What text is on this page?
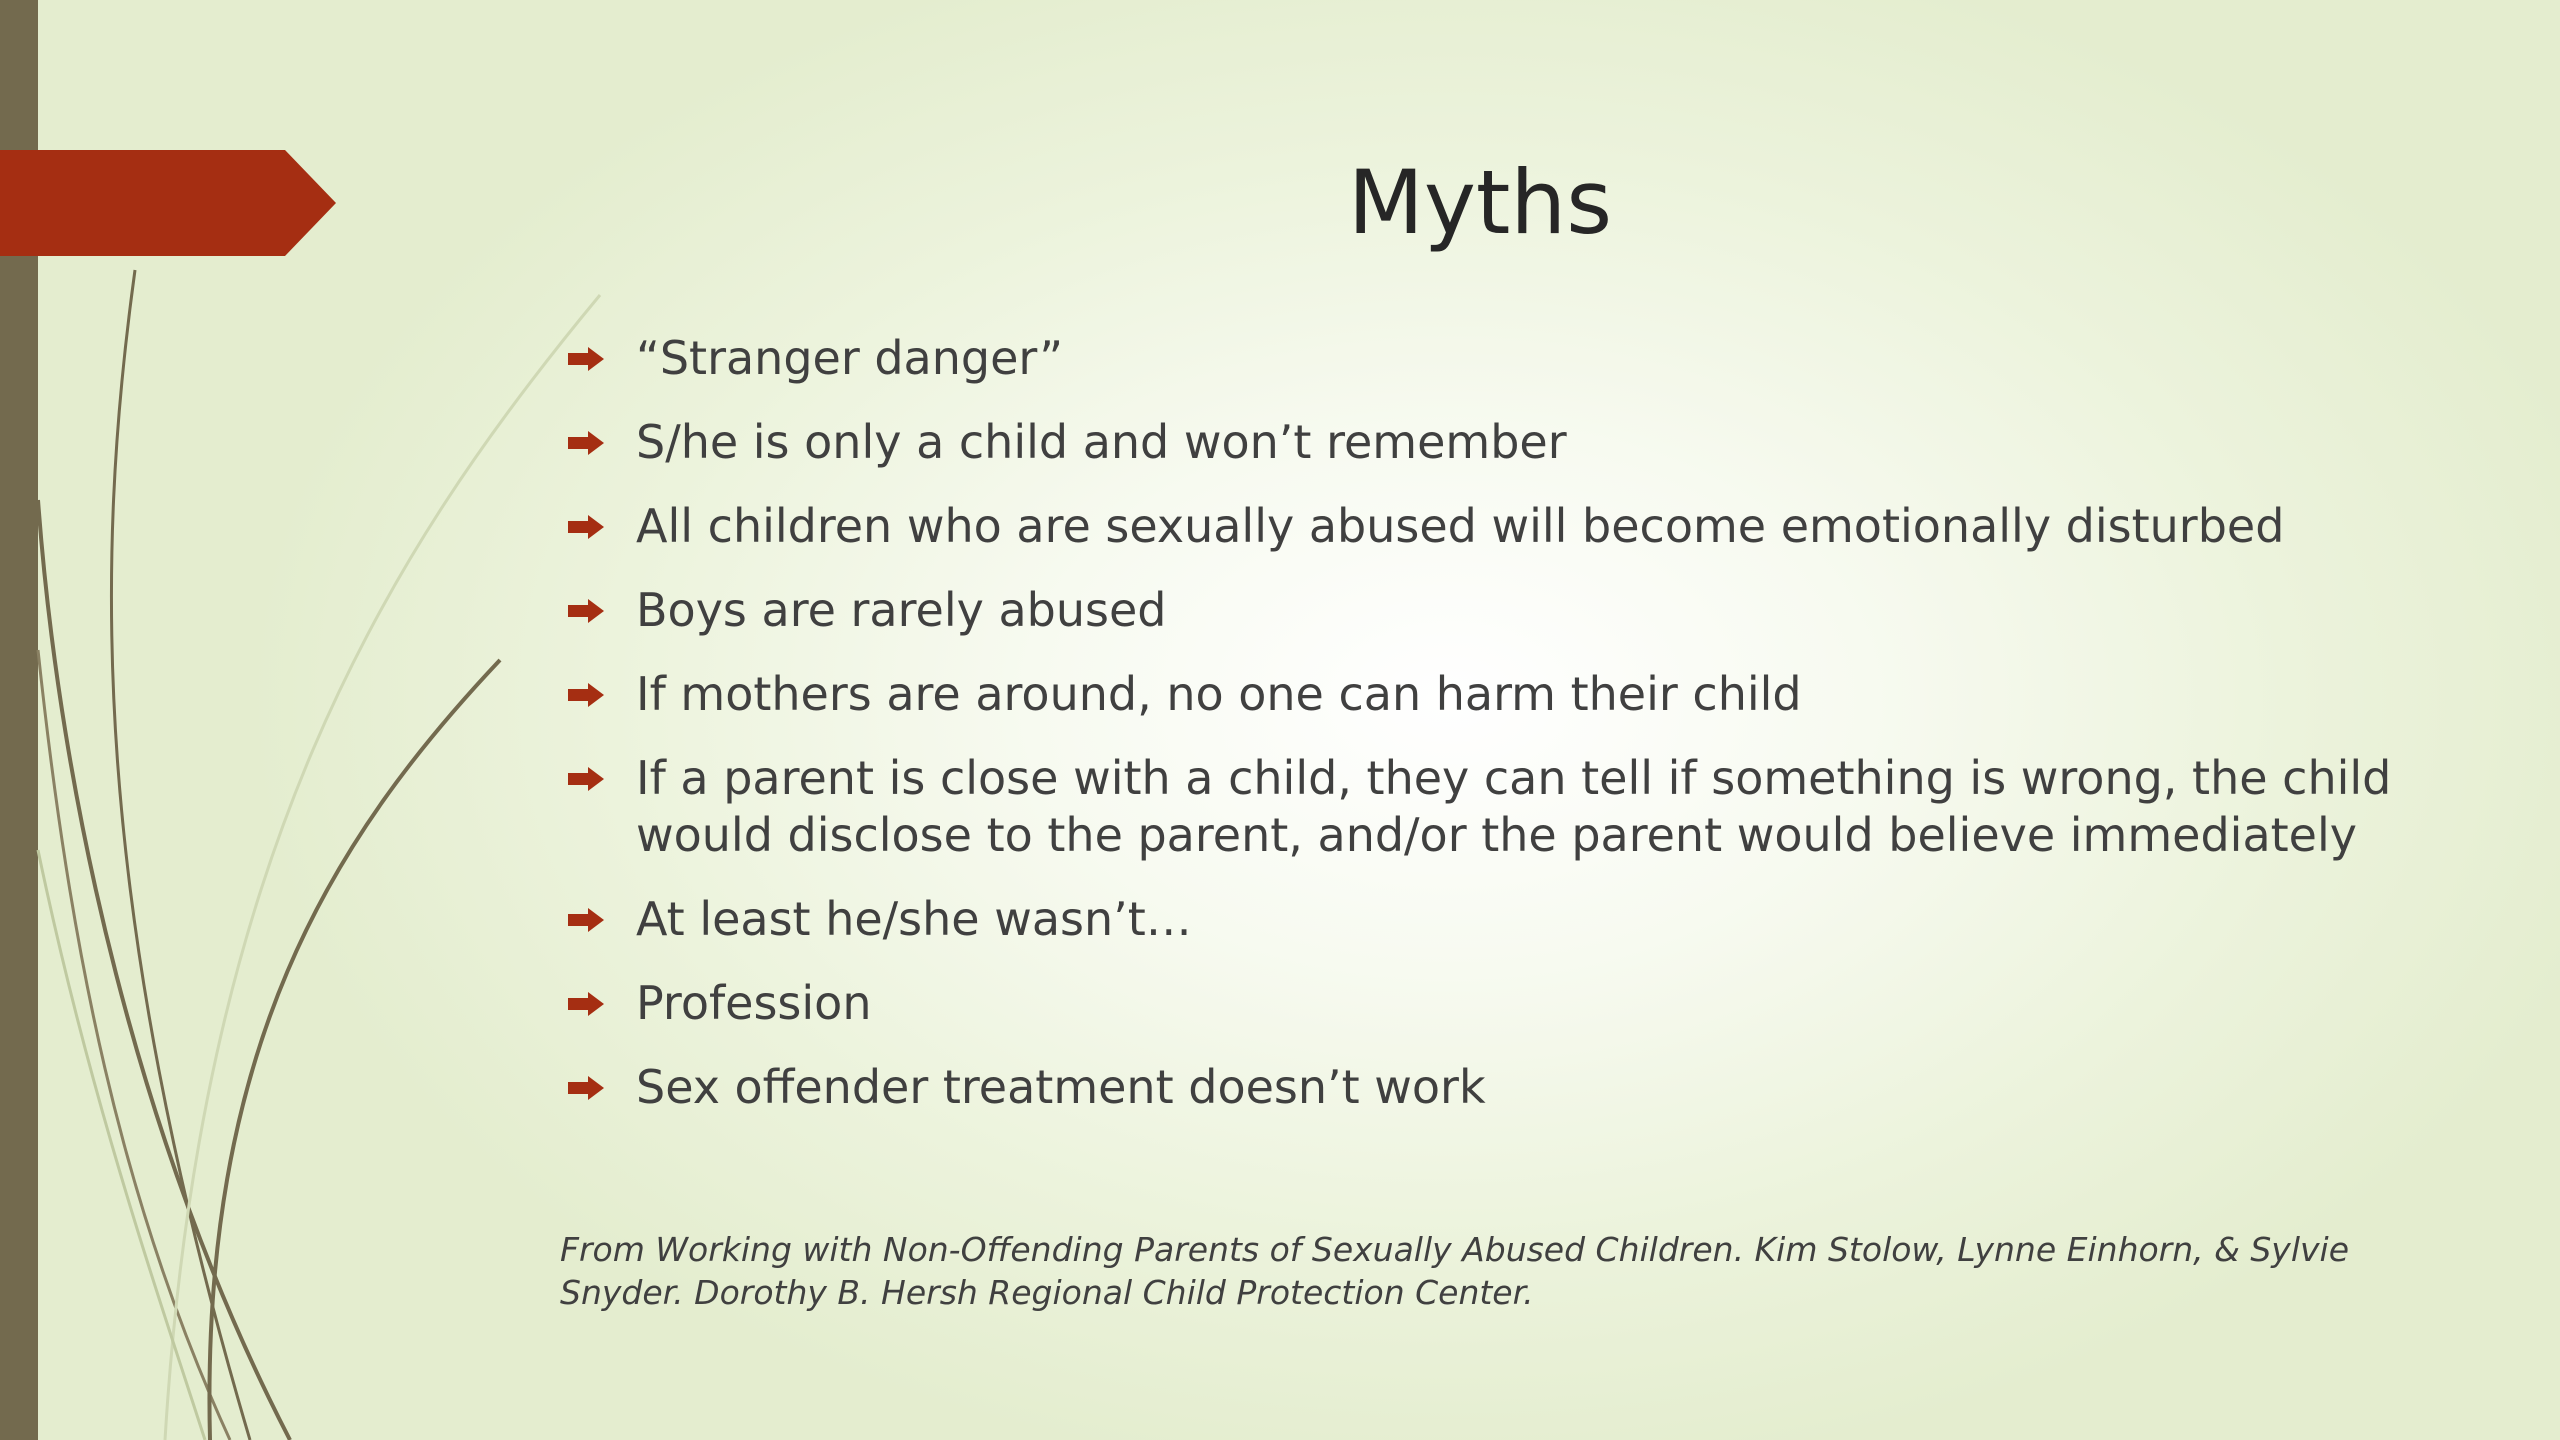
Myths
“Stranger danger”
S/he is only a child and won’t remember
All children who are sexually abused will become emotionally disturbed
Boys are rarely abused
If mothers are around, no one can harm their child
If a parent is close with a child, they can tell if something is wrong, the child would disclose to the parent, and/or the parent would believe immediately
At least he/she wasn’t…
Profession
Sex offender treatment doesn’t work

From Working with Non-Offending Parents of Sexually Abused Children. Kim Stolow, Lynne Einhorn, & Sylvie Snyder. Dorothy B. Hersh Regional Child Protection Center.
